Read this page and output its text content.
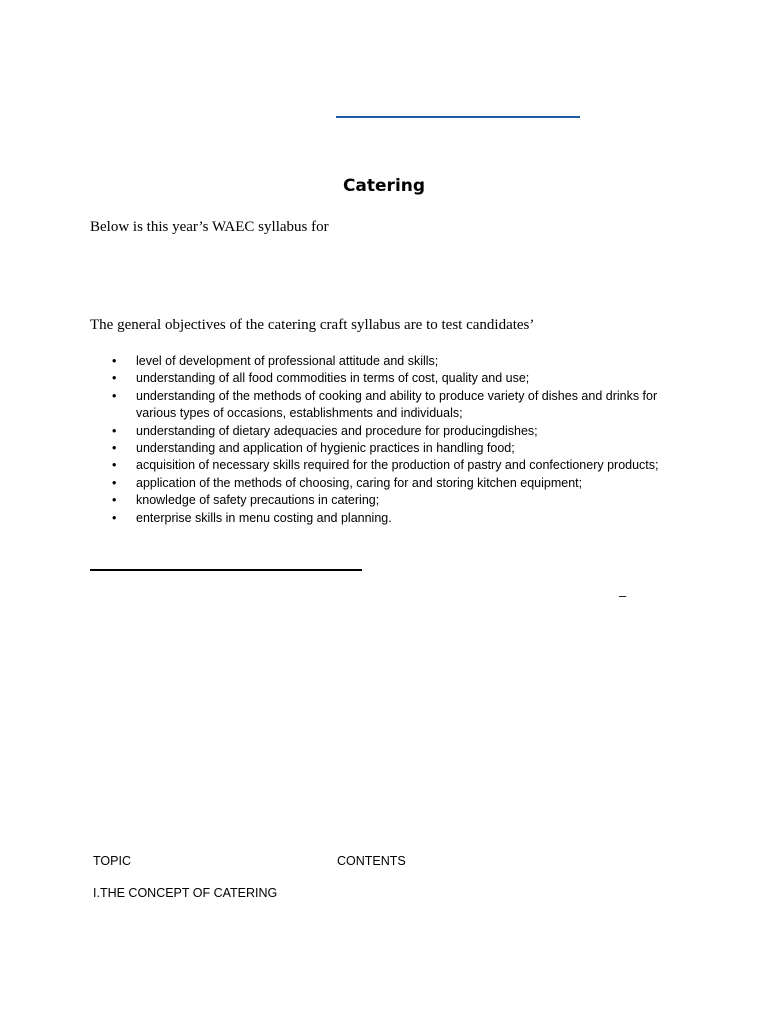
Catering
Below is this year’s WAEC syllabus for
The general objectives of the catering craft syllabus are to test candidates’
• level of development of professional attitude and skills;
• understanding of all food commodities in terms of cost, quality and use;
• understanding of the methods of cooking and ability to produce variety of dishes and drinks for various types of occasions, establishments and individuals;
• understanding of dietary adequacies and procedure for producingdishes;
• understanding and application of hygienic practices in handling food;
• acquisition of necessary skills required for the production of pastry and confectionery products;
• application of the methods of choosing, caring for and storing kitchen equipment;
• knowledge of safety precautions in catering;
• enterprise skills in menu costing and planning.
–
TOPIC	CONTENTS
I.THE CONCEPT OF CATERING
